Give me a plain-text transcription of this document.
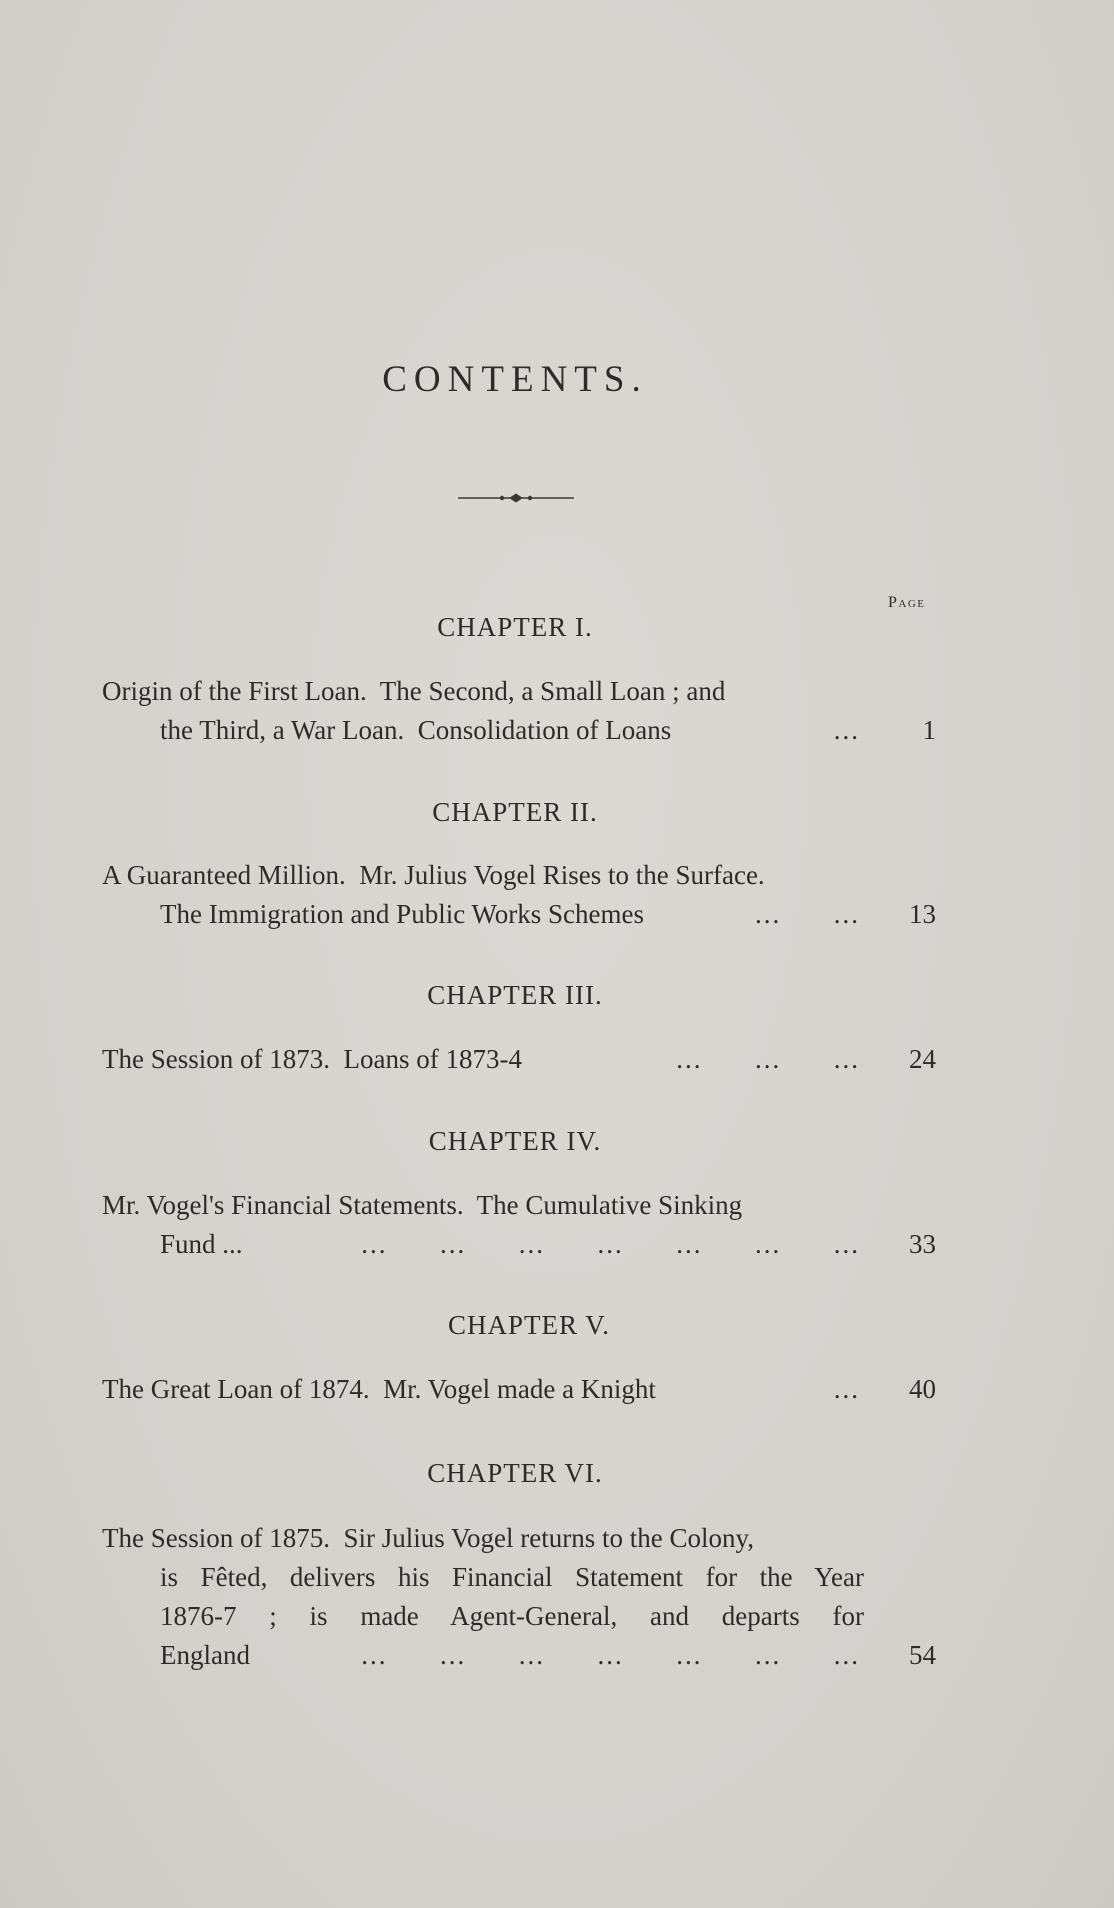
CONTENTS.
Page
CHAPTER I.
Origin of the First Loan.  The Second, a Small Loan ; and
the Third, a War Loan.  Consolidation of Loans	...	1
CHAPTER II.
A Guaranteed Million.  Mr. Julius Vogel Rises to the Surface.
The Immigration and Public Works Schemes	...      ...	13
CHAPTER III.
The Session of 1873.  Loans of 1873-4	...      ...      ...	24
CHAPTER IV.
Mr. Vogel's Financial Statements.  The Cumulative Sinking
Fund ...	...      ...      ...      ...      ...      ...      ...	33
CHAPTER V.
The Great Loan of 1874.  Mr. Vogel made a Knight	...	40
CHAPTER VI.
The Session of 1875.  Sir Julius Vogel returns to the Colony,
is Fêted, delivers his Financial Statement for the Year
1876-7 ; is made Agent-General, and departs for
England	...      ...      ...      ...      ...      ...      ...	54
